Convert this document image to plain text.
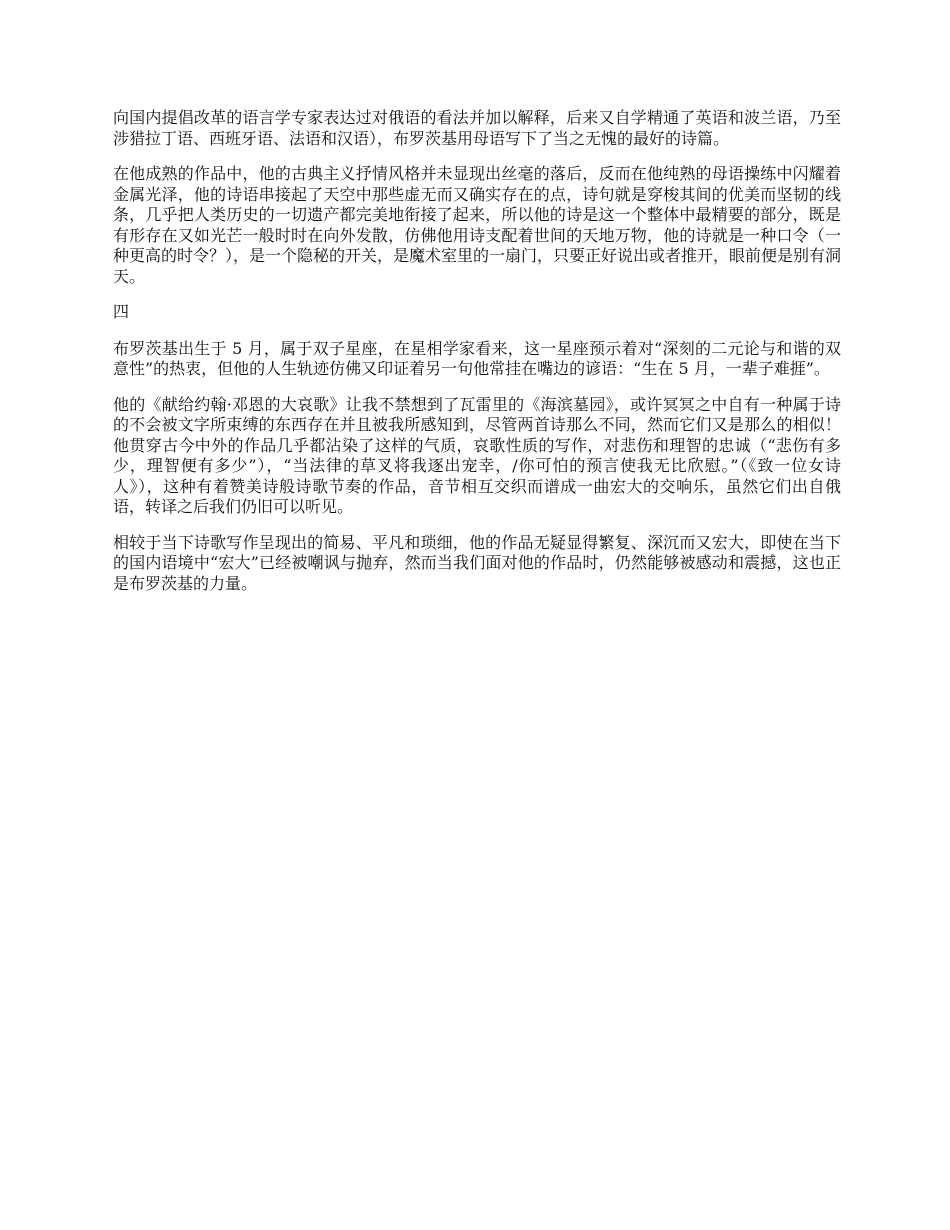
向国内提倡改革的语言学专家表达过对俄语的看法并加以解释，后来又自学精通了英语和波兰语，乃至涉猎拉丁语、西班牙语、法语和汉语），布罗茨基用母语写下了当之无愧的最好的诗篇。

在他成熟的作品中，他的古典主义抒情风格并未显现出丝毫的落后，反而在他纯熟的母语操练中闪耀着金属光泽，他的诗语串接起了天空中那些虚无而又确实存在的点，诗句就是穿梭其间的优美而坚韧的线条，几乎把人类历史的一切遗产都完美地衔接了起来，所以他的诗是这一个整体中最精要的部分，既是有形存在又如光芒一般时时在向外发散，仿佛他用诗支配着世间的天地万物，他的诗就是一种口令（一种更高的时令？），是一个隐秘的开关，是魔术室里的一扇门，只要正好说出或者推开，眼前便是别有洞天。

四

布罗茨基出生于 5 月，属于双子星座，在星相学家看来，这一星座预示着对“深刻的二元论与和谐的双意性”的热衷，但他的人生轨迹仿佛又印证着另一句他常挂在嘴边的谚语：“生在 5 月，一辈子难捱”。

他的《献给约翰·邓恩的大哀歌》让我不禁想到了瓦雷里的《海滨墓园》，或许冥冥之中自有一种属于诗的不会被文字所束缚的东西存在并且被我所感知到，尽管两首诗那么不同，然而它们又是那么的相似！他贯穿古今中外的作品几乎都沾染了这样的气质，哀歌性质的写作，对悲伤和理智的忠诚（“悲伤有多少，理智便有多少”），“当法律的草叉将我逐出宠幸，/你可怕的预言使我无比欣慰。”（《致一位女诗人》），这种有着赞美诗般诗歌节奏的作品，音节相互交织而谱成一曲宏大的交响乐，虽然它们出自俄语，转译之后我们仍旧可以听见。

相较于当下诗歌写作呈现出的简易、平凡和琐细，他的作品无疑显得繁复、深沉而又宏大，即使在当下的国内语境中“宏大”已经被嘲讽与抛弃，然而当我们面对他的作品时，仍然能够被感动和震撼，这也正是布罗茨基的力量。
